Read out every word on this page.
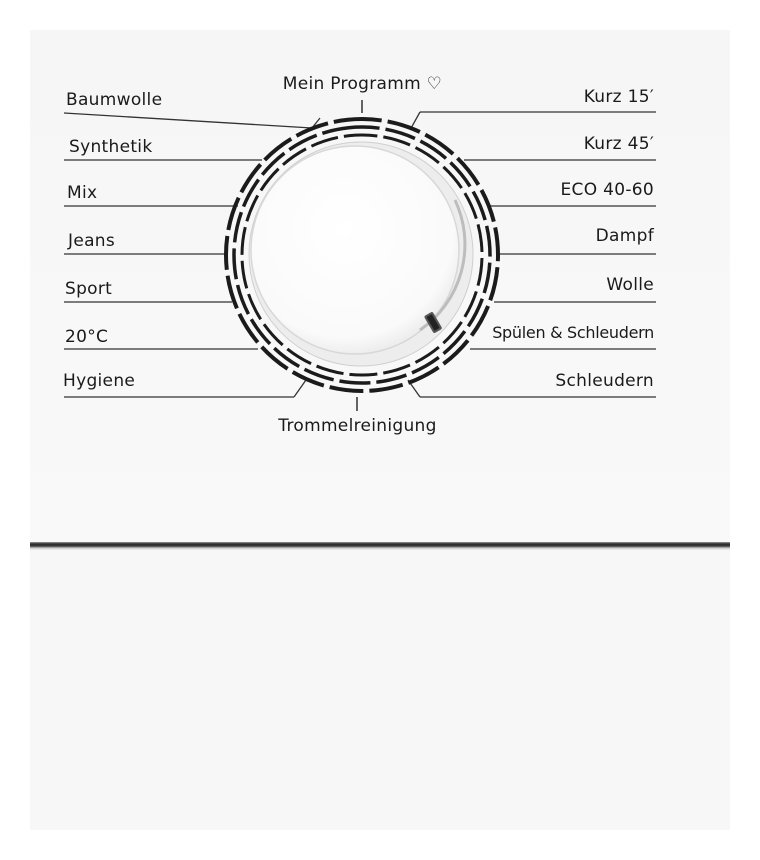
Mein Programm ♡
Trommelreinigung
Baumwolle
Synthetik
Mix
Jeans
Sport
20°C
Hygiene
Kurz 15′
Kurz 45′
ECO 40-60
Dampf
Wolle
Spülen & Schleudern
Schleudern
